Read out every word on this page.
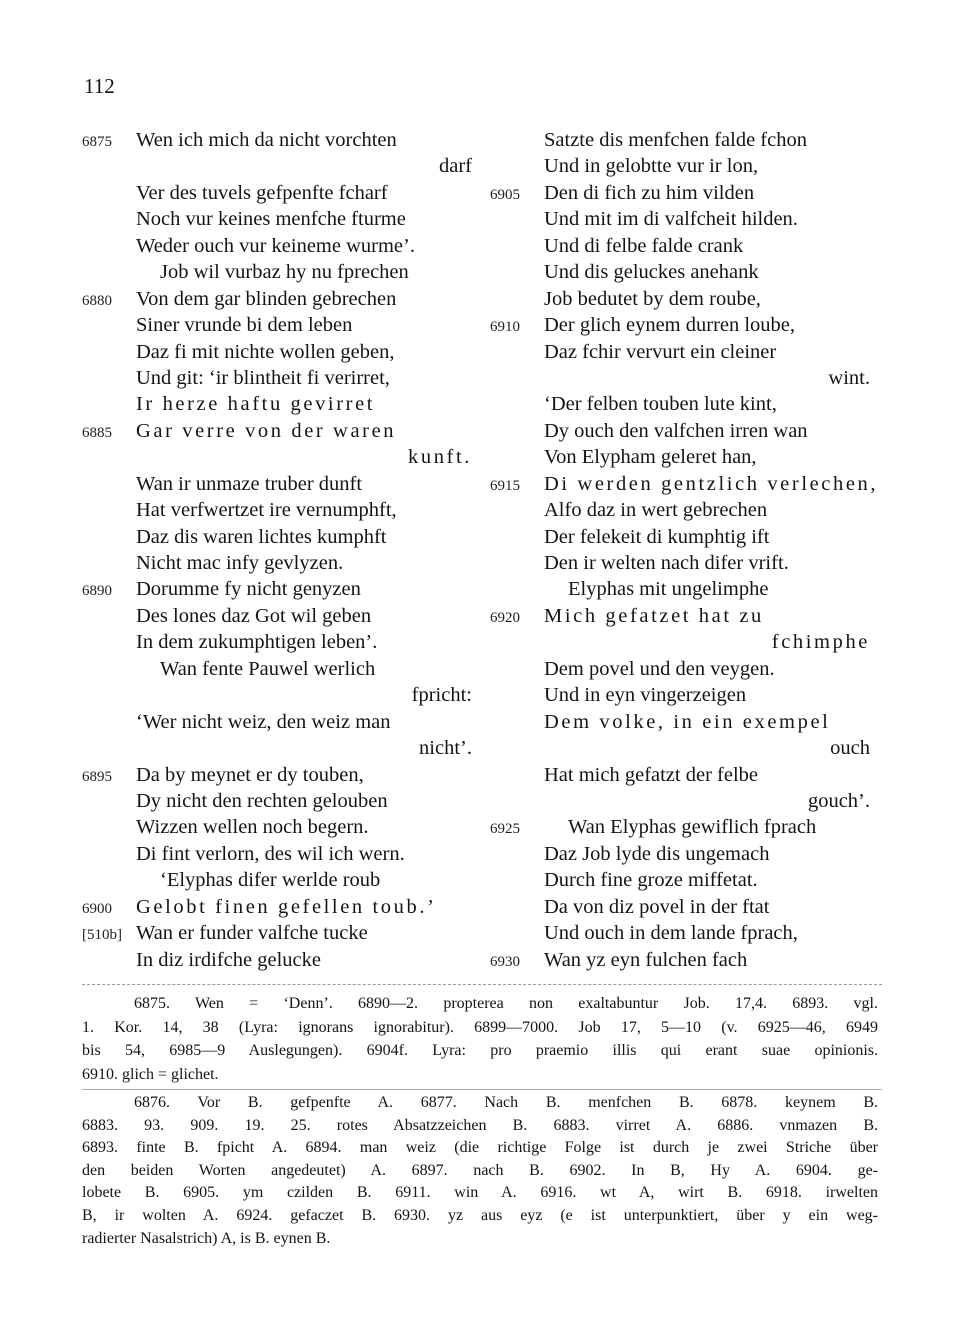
112
6875 Wen ich mich da nicht vorchten
darf
Ver des tuvels gefpenfte fcharf
Noch vur keines menfche fturme
Weder ouch vur keineme wurme’.
Job wil vurbaz hy nu fprechen
6880 Von dem gar blinden gebrechen
Siner vrunde bi dem leben
Daz fi mit nichte wollen geben,
Und git: ‘ir blintheit fi verirret,
Ir herze haftu gevirret
6885 Gar verre von der waren
kunft.
Wan ir unmaze truber dunft
Hat verfwertzet ire vernumphft,
Daz dis waren lichtes kumphft
Nicht mac infy gevlyzen.
6890 Dorumme fy nicht genyzen
Des lones daz Got wil geben
In dem zukumphtigen leben’.
Wan fente Pauwel werlich
fpricht:
‘Wer nicht weiz, den weiz man
nicht’.
6895 Da by meynet er dy touben,
Dy nicht den rechten gelouben
Wizzen wellen noch begern.
Di fint verlorn, des wil ich wern.
‘Elyphas difer werlde roub
6900 Gelobt finen gefellen toub.’
[510b] Wan er funder valfche tucke
In diz irdifche gelucke
Satzte dis menfchen falde fchon
Und in gelobtte vur ir lon,
6905 Den di fich zu him vilden
Und mit im di valfcheit hilden.
Und di felbe falde crank
Und dis geluckes anehank
Job bedutet by dem roube,
6910 Der glich eynem durren loube,
Daz fchir vervurt ein cleiner
wint.
‘Der felben touben lute kint,
Dy ouch den valfchen irren wan
Von Elypham geleret han,
6915 Di werden gentzlich verlechen,
Alfo daz in wert gebrechen
Der felekeit di kumphtig ift
Den ir welten nach difer vrift.
Elyphas mit ungelimphe
6920 Mich gefatzet hat zu
fchimphe
Dem povel und den veygen.
Und in eyn vingerzeigen
Dem volke, in ein exempel
ouch
Hat mich gefatzt der felbe
gouch’.
6925 Wan Elyphas gewiflich fprach
Daz Job lyde dis ungemach
Durch fine groze miffetat.
Da von diz povel in der ftat
Und ouch in dem lande fprach,
6930 Wan yz eyn fulchen fach
6875. Wen = ‘Denn’. 6890—2. propterea non exaltabuntur Job. 17,4. 6893. vgl.
1. Kor. 14, 38 (Lyra: ignorans ignorabitur). 6899—7000. Job 17, 5—10 (v. 6925—46, 6949
bis 54, 6985—9 Auslegungen). 6904f. Lyra: pro praemio illis qui erant suae opinionis.
6910. glich = glichet.
6876. Vor B. gefpenfte A. 6877. Nach B. menfchen B. 6878. keynem B.
6883. 93. 909. 19. 25. rotes Absatzzeichen B. 6883. virret A. 6886. vnmazen B.
6893. finte B. fpicht A. 6894. man weiz (die richtige Folge ist durch je zwei Striche über
den beiden Worten angedeutet) A. 6897. nach B. 6902. In B, Hy A. 6904. ge-
lobete B. 6905. ym czilden B. 6911. win A. 6916. wt A, wirt B. 6918. irwelten
B, ir wolten A. 6924. gefaczet B. 6930. yz aus eyz (e ist unterpunktiert, über y ein weg-
radierter Nasalstrich) A, is B. eynen B.
